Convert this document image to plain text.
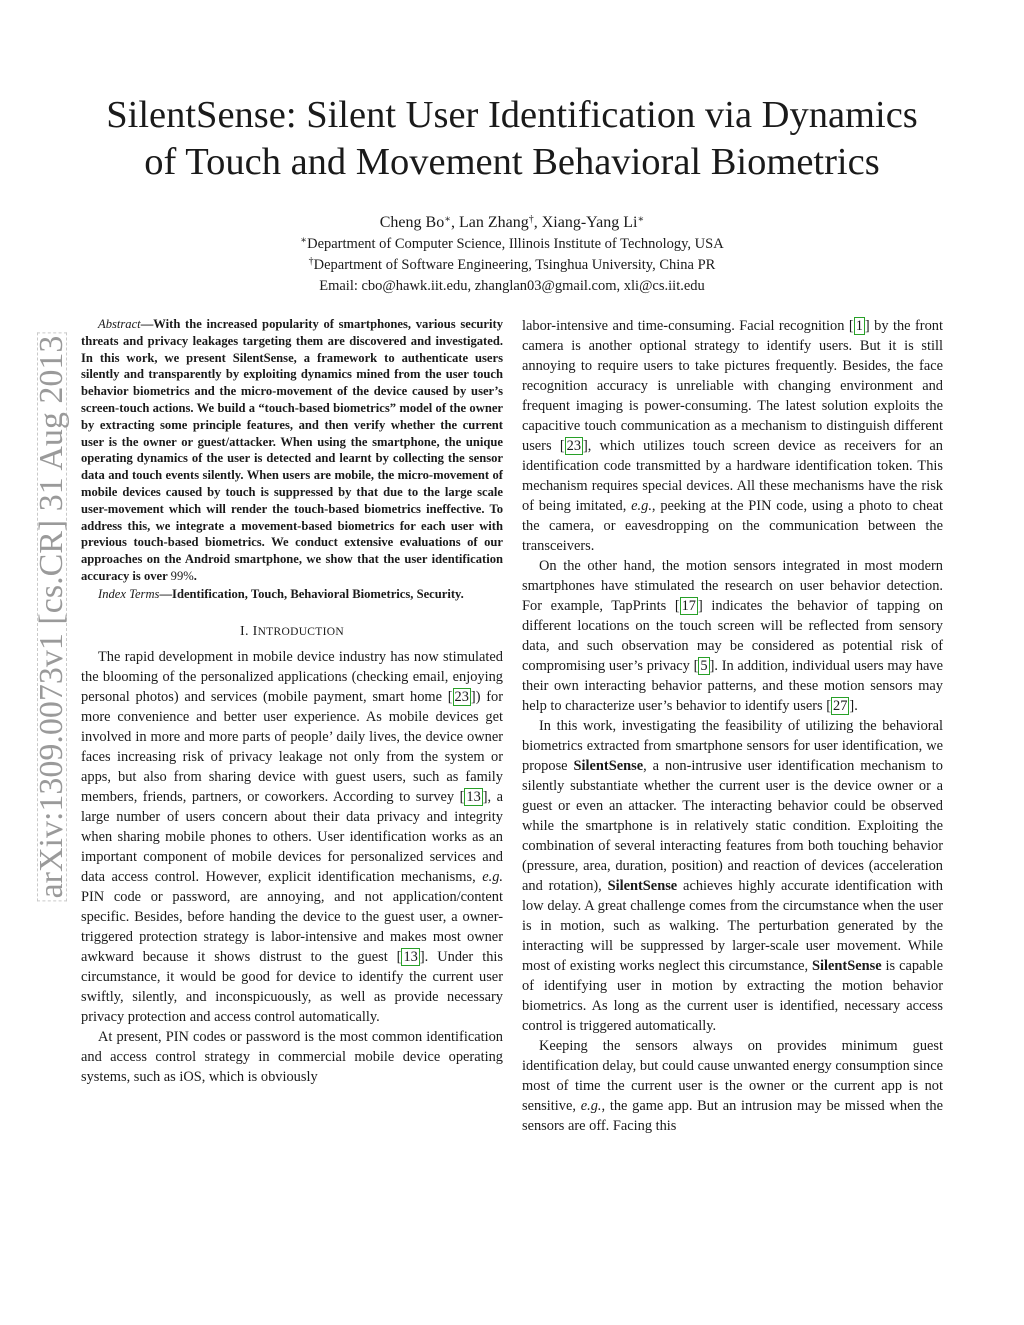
arXiv:1309.0073v1 [cs.CR] 31 Aug 2013
SilentSense: Silent User Identification via Dynamics
of Touch and Movement Behavioral Biometrics
Cheng Bo∗, Lan Zhang†, Xiang-Yang Li∗
∗Department of Computer Science, Illinois Institute of Technology, USA
†Department of Software Engineering, Tsinghua University, China PR
Email: cbo@hawk.iit.edu, zhanglan03@gmail.com, xli@cs.iit.edu

Abstract—With the increased popularity of smartphones, various security threats and privacy leakages targeting them are discovered and investigated. In this work, we present SilentSense, a framework to authenticate users silently and transparently by exploiting dynamics mined from the user touch behavior biometrics and the micro-movement of the device caused by user’s screen-touch actions. We build a “touch-based biometrics” model of the owner by extracting some principle features, and then verify whether the current user is the owner or guest/attacker. When using the smartphone, the unique operating dynamics of the user is detected and learnt by collecting the sensor data and touch events silently. When users are mobile, the micro-movement of mobile devices caused by touch is suppressed by that due to the large scale user-movement which will render the touch-based biometrics ineffective. To address this, we integrate a movement-based biometrics for each user with previous touch-based biometrics. We conduct extensive evaluations of our approaches on the Android smartphone, we show that the user identification accuracy is over 99%.

Index Terms—Identification, Touch, Behavioral Biometrics, Security.

I. INTRODUCTION

The rapid development in mobile device industry has now stimulated the blooming of the personalized applications (checking email, enjoying personal photos) and services (mobile payment, smart home [ 23 ]) for more convenience and better user experience. As mobile devices get involved in more and more parts of people’ daily lives, the device owner faces increasing risk of privacy leakage not only from the system or apps, but also from sharing device with guest users, such as family members, friends, partners, or coworkers. According to survey [ 13 ], a large number of users concern about their data privacy and integrity when sharing mobile phones to others. User identification works as an important component of mobile devices for personalized services and data access control. However, explicit identification mechanisms, e.g. PIN code or password, are annoying, and not application/content specific. Besides, before handing the device to the guest user, a owner-triggered protection strategy is labor-intensive and makes most owner awkward because it shows distrust to the guest [ 13 ]. Under this circumstance, it would be good for device to identify the current user swiftly, silently, and inconspicuously, as well as provide necessary privacy protection and access control automatically.

At present, PIN codes or password is the most common identification and access control strategy in commercial mobile device operating systems, such as iOS, which is obviously

labor-intensive and time-consuming. Facial recognition [ 1 ] by the front camera is another optional strategy to identify users. But it is still annoying to require users to take pictures frequently. Besides, the face recognition accuracy is unreliable with changing environment and frequent imaging is power-consuming. The latest solution exploits the capacitive touch communication as a mechanism to distinguish different users [ 23 ], which utilizes touch screen device as receivers for an identification code transmitted by a hardware identification token. This mechanism requires special devices. All these mechanisms have the risk of being imitated, e.g., peeking at the PIN code, using a photo to cheat the camera, or eavesdropping on the communication between the transceivers.

On the other hand, the motion sensors integrated in most modern smartphones have stimulated the research on user behavior detection. For example, TapPrints [ 17 ] indicates the behavior of tapping on different locations on the touch screen will be reflected from sensory data, and such observation may be considered as potential risk of compromising user’s privacy [ 5 ]. In addition, individual users may have their own interacting behavior patterns, and these motion sensors may help to characterize user’s behavior to identify users [ 27 ].

In this work, investigating the feasibility of utilizing the behavioral biometrics extracted from smartphone sensors for user identification, we propose SilentSense, a non-intrusive user identification mechanism to silently substantiate whether the current user is the device owner or a guest or even an attacker. The interacting behavior could be observed while the smartphone is in relatively static condition. Exploiting the combination of several interacting features from both touching behavior (pressure, area, duration, position) and reaction of devices (acceleration and rotation), SilentSense achieves highly accurate identification with low delay. A great challenge comes from the circumstance when the user is in motion, such as walking. The perturbation generated by the interacting will be suppressed by larger-scale user movement. While most of existing works neglect this circumstance, SilentSense is capable of identifying user in motion by extracting the motion behavior biometrics. As long as the current user is identified, necessary access control is triggered automatically.

Keeping the sensors always on provides minimum guest identification delay, but could cause unwanted energy consumption since most of time the current user is the owner or the current app is not sensitive, e.g., the game app. But an intrusion may be missed when the sensors are off. Facing this
